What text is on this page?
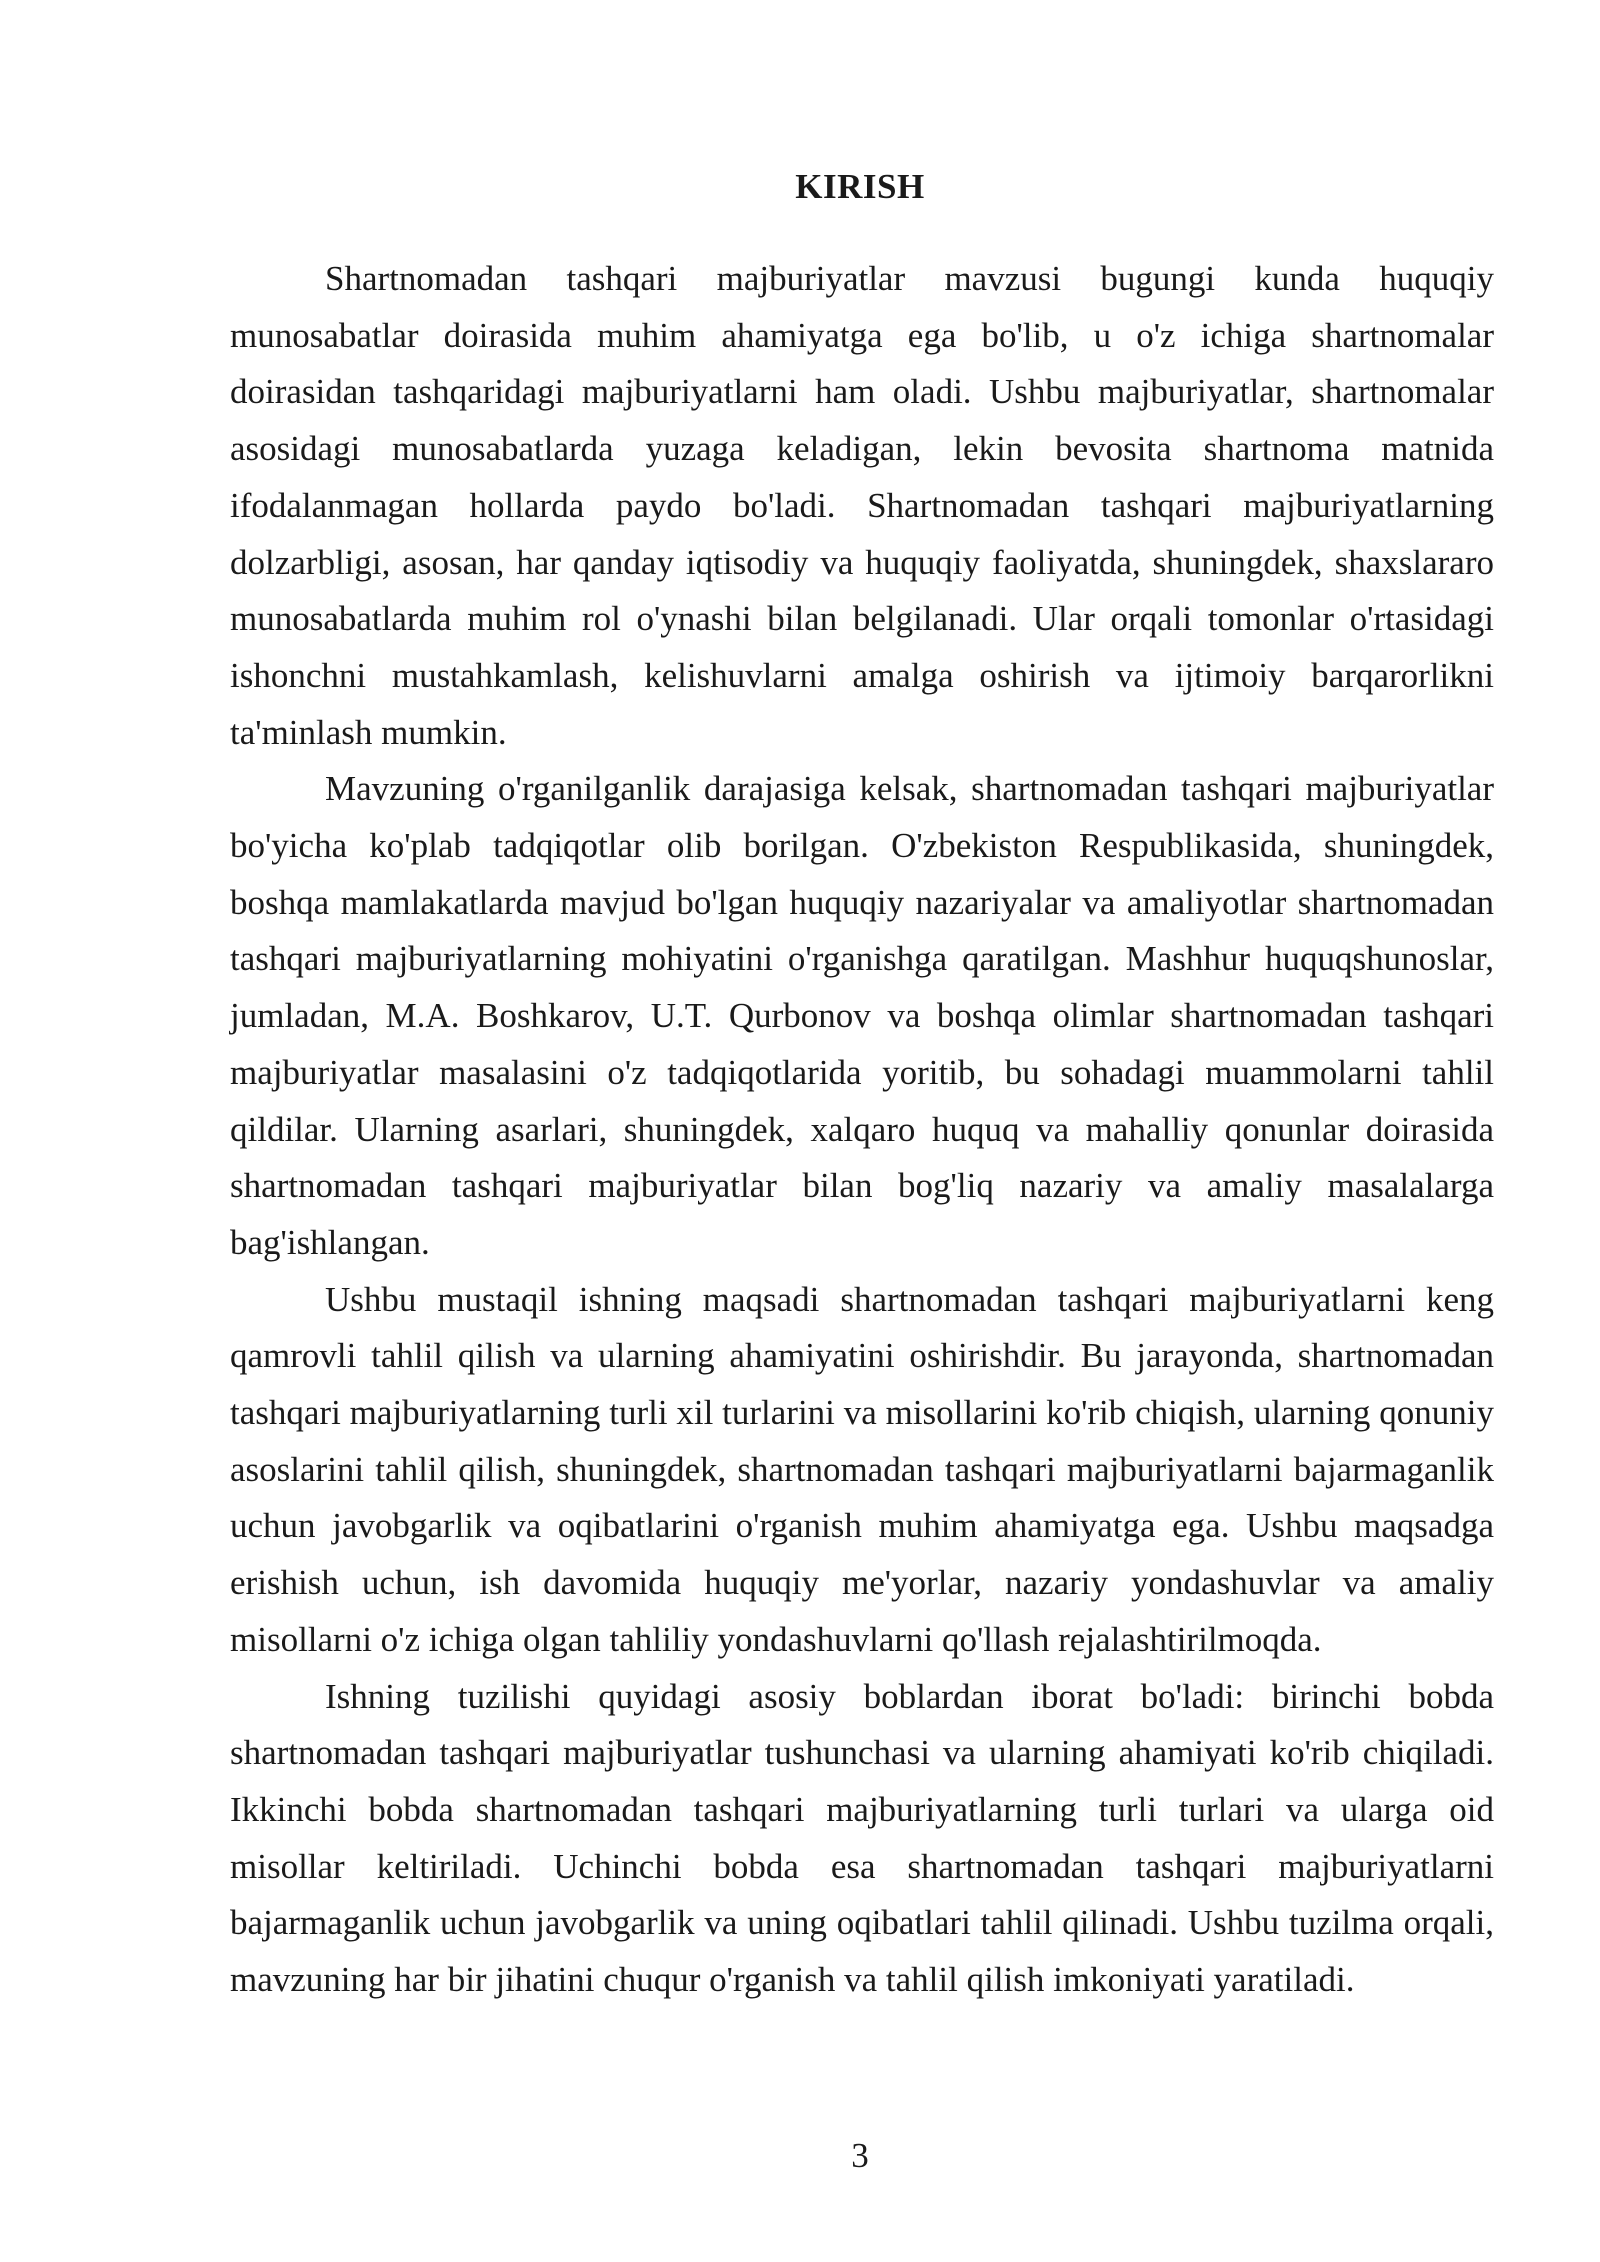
KIRISH

Shartnomadan tashqari majburiyatlar mavzusi bugungi kunda huquqiy munosabatlar doirasida muhim ahamiyatga ega bo'lib, u o'z ichiga shartnomalar doirasidan tashqaridagi majburiyatlarni ham oladi. Ushbu majburiyatlar, shartnomalar asosidagi munosabatlarda yuzaga keladigan, lekin bevosita shartnoma matnida ifodalanmagan hollarda paydo bo'ladi. Shartnomadan tashqari majburiyatlarning dolzarbligi, asosan, har qanday iqtisodiy va huquqiy faoliyatda, shuningdek, shaxslararo munosabatlarda muhim rol o'ynashi bilan belgilanadi. Ular orqali tomonlar o'rtasidagi ishonchni mustahkamlash, kelishuvlarni amalga oshirish va ijtimoiy barqarorlikni ta'minlash mumkin.

Mavzuning o'rganilganlik darajasiga kelsak, shartnomadan tashqari majburiyatlar bo'yicha ko'plab tadqiqotlar olib borilgan. O'zbekiston Respublikasida, shuningdek, boshqa mamlakatlarda mavjud bo'lgan huquqiy nazariyalar va amaliyotlar shartnomadan tashqari majburiyatlarning mohiyatini o'rganishga qaratilgan. Mashhur huquqshunoslar, jumladan, M.A. Boshkarov, U.T. Qurbonov va boshqa olimlar shartnomadan tashqari majburiyatlar masalasini o'z tadqiqotlarida yoritib, bu sohadagi muammolarni tahlil qildilar. Ularning asarlari, shuningdek, xalqaro huquq va mahalliy qonunlar doirasida shartnomadan tashqari majburiyatlar bilan bog'liq nazariy va amaliy masalalarga bag'ishlangan.

Ushbu mustaqil ishning maqsadi shartnomadan tashqari majburiyatlarni keng qamrovli tahlil qilish va ularning ahamiyatini oshirishdir. Bu jarayonda, shartnomadan tashqari majburiyatlarning turli xil turlarini va misollarini ko'rib chiqish, ularning qonuniy asoslarini tahlil qilish, shuningdek, shartnomadan tashqari majburiyatlarni bajarmaganlik uchun javobgarlik va oqibatlarini o'rganish muhim ahamiyatga ega. Ushbu maqsadga erishish uchun, ish davomida huquqiy me'yorlar, nazariy yondashuvlar va amaliy misollarni o'z ichiga olgan tahliliy yondashuvlarni qo'llash rejalashtirilmoqda.

Ishning tuzilishi quyidagi asosiy boblardan iborat bo'ladi: birinchi bobda shartnomadan tashqari majburiyatlar tushunchasi va ularning ahamiyati ko'rib chiqiladi. Ikkinchi bobda shartnomadan tashqari majburiyatlarning turli turlari va ularga oid misollar keltiriladi. Uchinchi bobda esa shartnomadan tashqari majburiyatlarni bajarmaganlik uchun javobgarlik va uning oqibatlari tahlil qilinadi. Ushbu tuzilma orqali, mavzuning har bir jihatini chuqur o'rganish va tahlil qilish imkoniyati yaratiladi.

3
